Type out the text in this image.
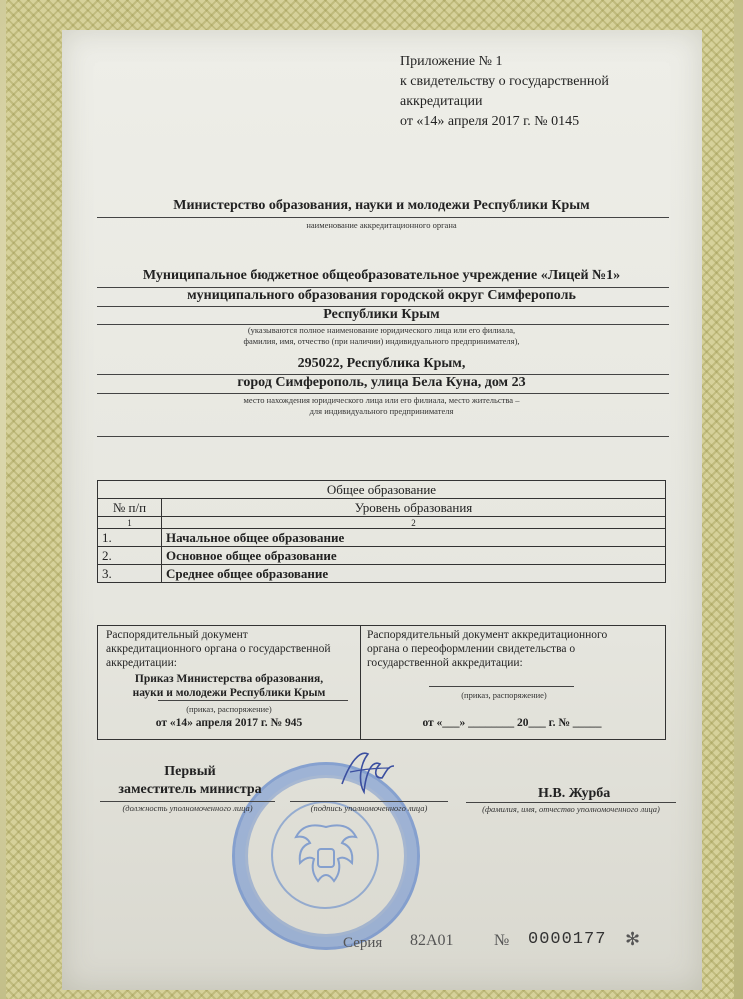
Приложение № 1
к свидетельству о государственной
аккредитации
от «14» апреля 2017 г. № 0145
Министерство образования, науки и молодежи Республики Крым
наименование аккредитационного органа
Муниципальное бюджетное общеобразовательное учреждение «Лицей №1»
муниципального образования городской округ Симферополь
Республики Крым
(указываются полное наименование юридического лица или его филиала,
фамилия, имя, отчество (при наличии) индивидуального предпринимателя),
295022, Республика Крым,
город Симферополь, улица Бела Куна, дом 23
место нахождения юридического лица или его филиала, место жительства –
для индивидуального предпринимателя
Общее образование	
№ п/п	Уровень образования
1	2
1.	Начальное общее образование
2.	Основное общее образование
3.	Среднее общее образование
Распорядительный документ
аккредитационного органа о государственной
аккредитации:
Приказ Министерства образования,
науки и молодежи Республики Крым
(приказ, распоряжение)
от «14» апреля 2017 г. № 945
Распорядительный документ аккредитационного
органа о переоформлении свидетельства о
государственной аккредитации:
(приказ, распоряжение)
от «___» ________ 20___ г. № _____
Первый
заместитель министра
(должность уполномоченного лица)	(подпись уполномоченного лица)
Н.В. Журба
(фамилия, имя, отчество уполномоченного лица)
Серия 82А01	№ 0000177 ✻
